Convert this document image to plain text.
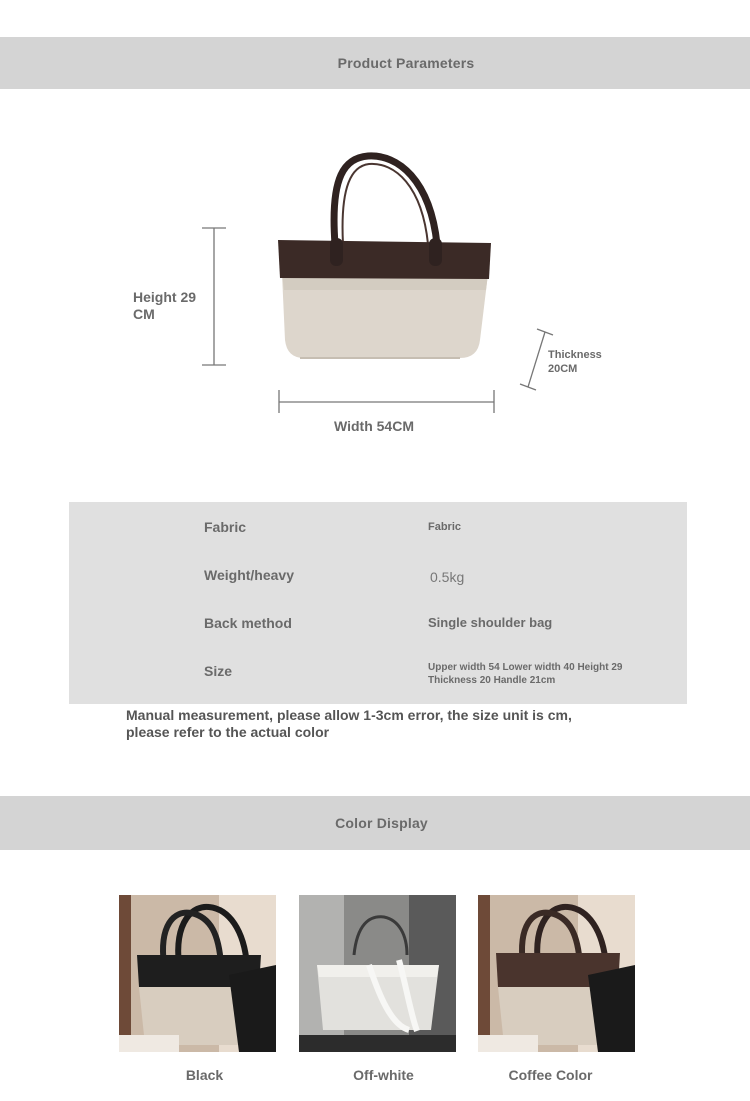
Product Parameters
Height 29 CM
Width 54CM
Thickness 20CM
Fabric	Fabric
Weight/heavy	0.5kg
Back method	Single shoulder bag
Size	Upper width 54 Lower width 40 Height 29 Thickness 20 Handle 21cm
Manual measurement, please allow 1-3cm error, the size unit is cm, please refer to the actual color
Color Display
Black	Off-white	Coffee Color
